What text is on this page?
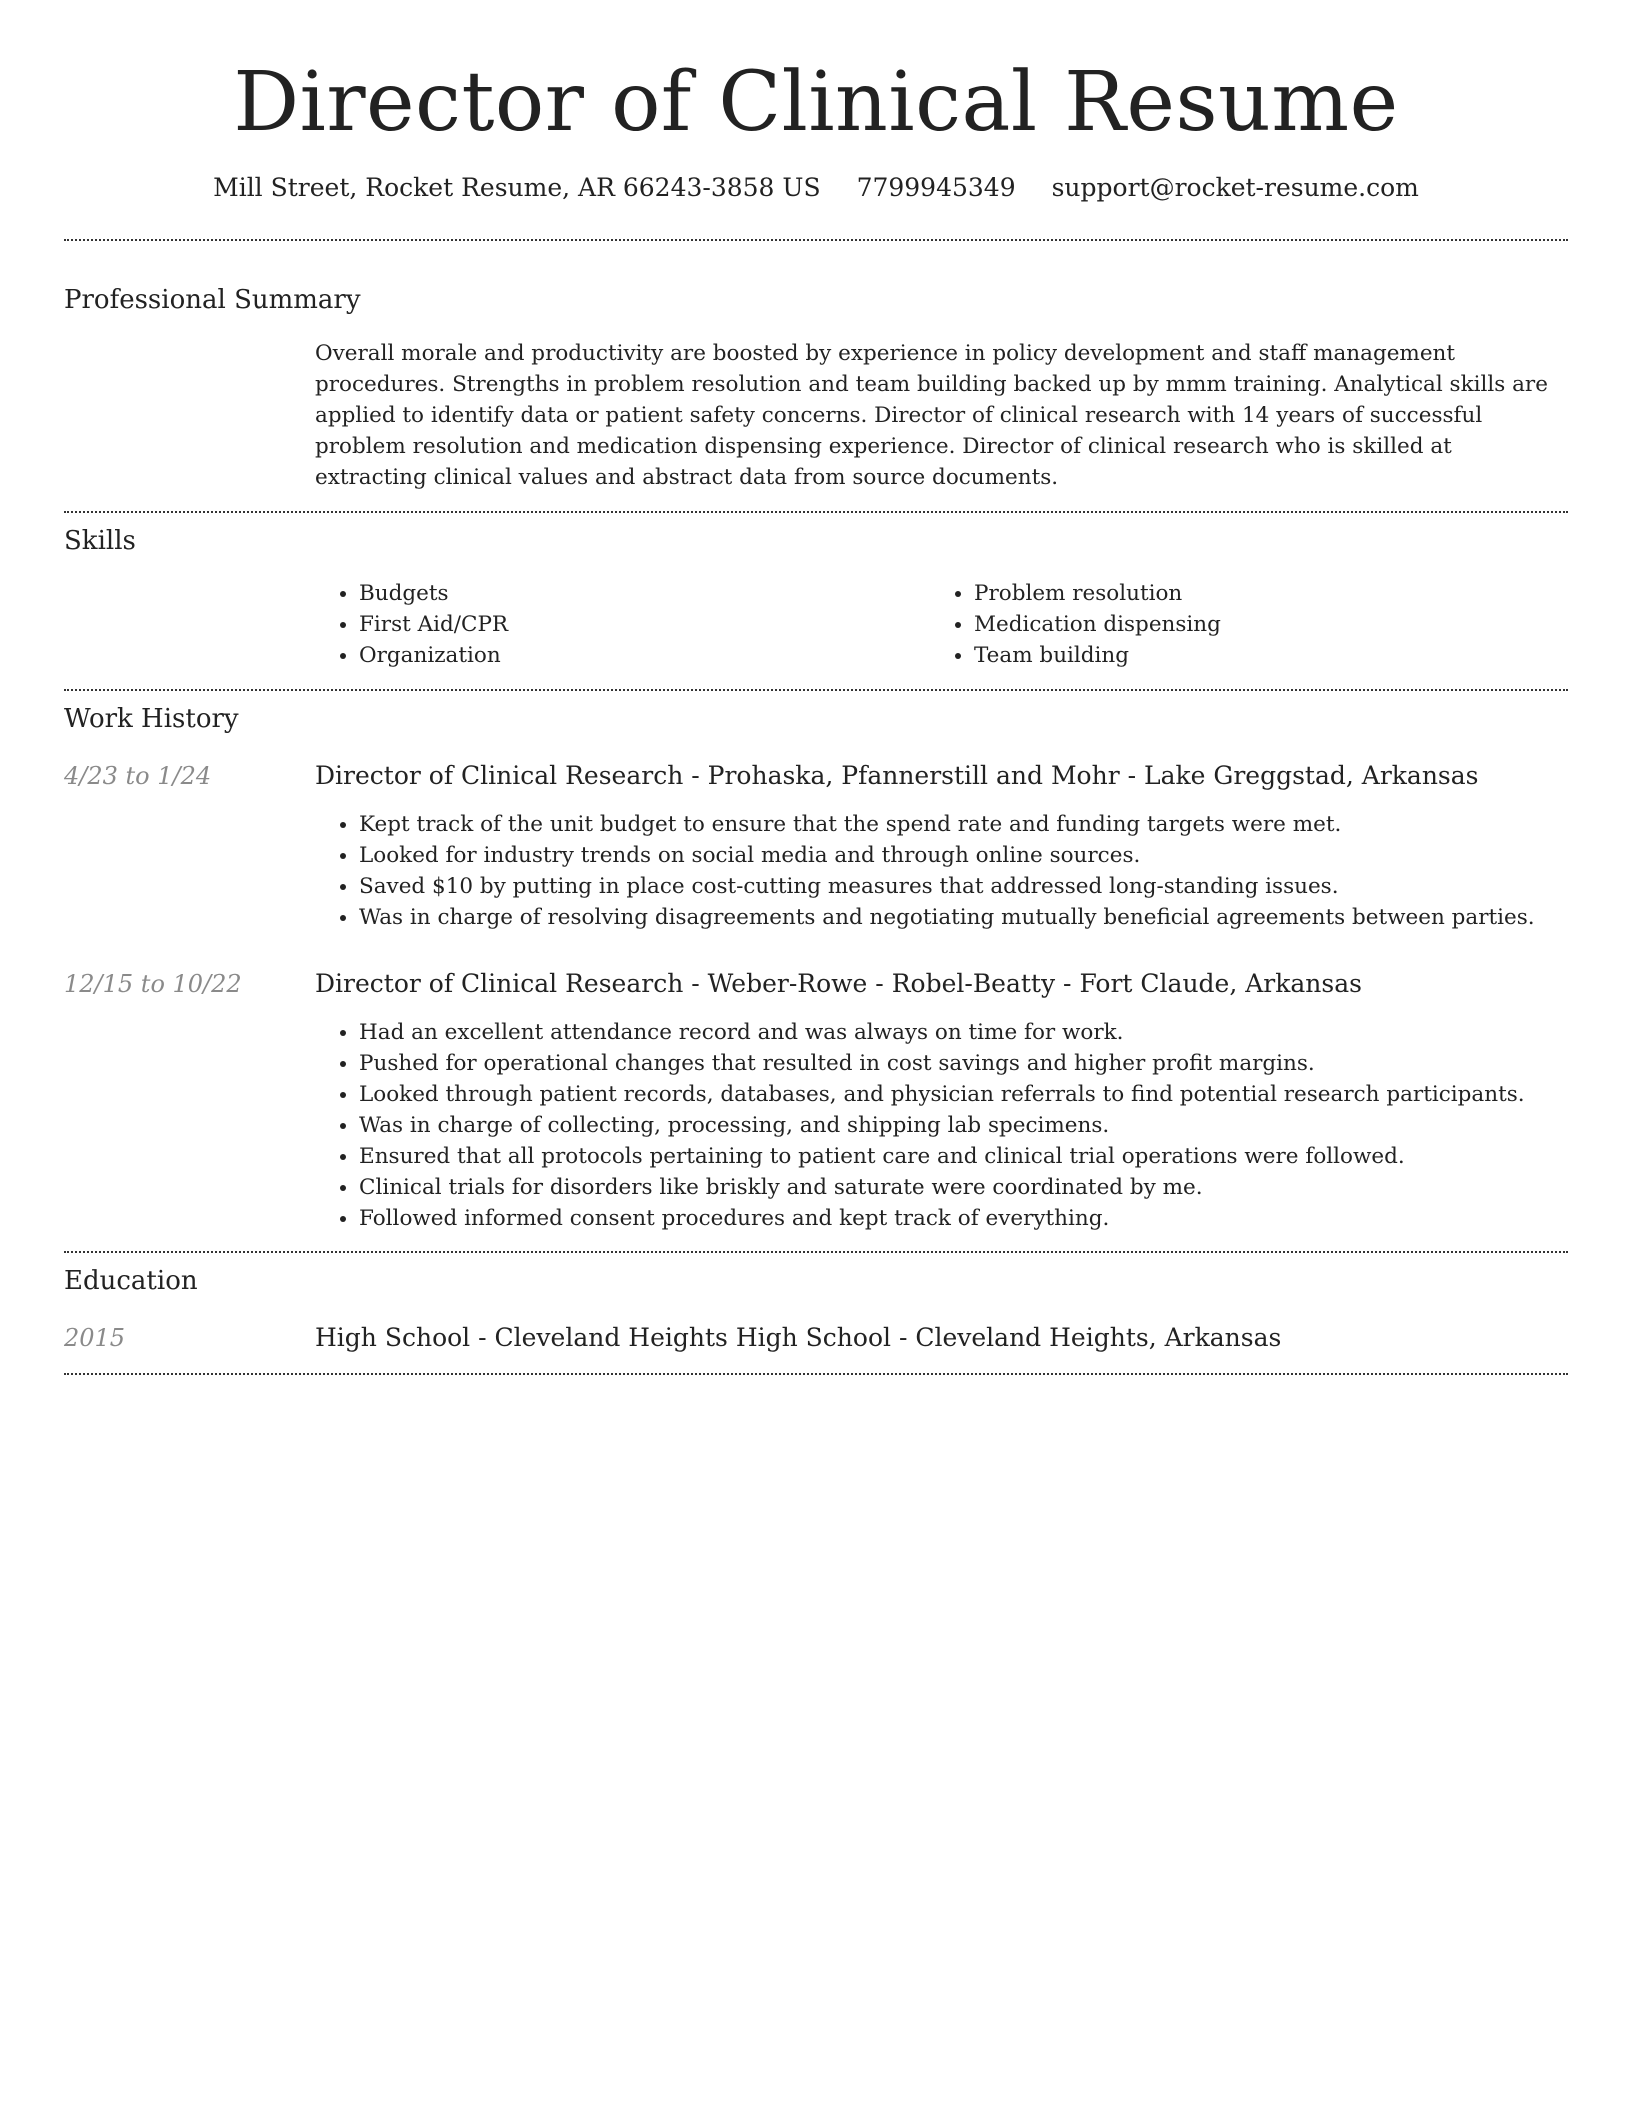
Director of Clinical Resume
Mill Street, Rocket Resume, AR 66243-3858 US 7799945349 support@rocket-resume.com
Professional Summary

Overall morale and productivity are boosted by experience in policy development and staff management procedures. Strengths in problem resolution and team building backed up by mmm training. Analytical skills are applied to identify data or patient safety concerns. Director of clinical research with 14 years of successful problem resolution and medication dispensing experience. Director of clinical research who is skilled at extracting clinical values and abstract data from source documents.

Skills
• Budgets
• First Aid/CPR
• Organization
• Problem resolution
• Medication dispensing
• Team building
Work History
4/23 to 1/24	Director of Clinical Research - Prohaska, Pfannerstill and Mohr - Lake Greggstad, Arkansas
• Kept track of the unit budget to ensure that the spend rate and funding targets were met.
• Looked for industry trends on social media and through online sources.
• Saved $10 by putting in place cost-cutting measures that addressed long-standing issues.
• Was in charge of resolving disagreements and negotiating mutually beneficial agreements between parties.
12/15 to 10/22	Director of Clinical Research - Weber-Rowe - Robel-Beatty - Fort Claude, Arkansas
• Had an excellent attendance record and was always on time for work.
• Pushed for operational changes that resulted in cost savings and higher profit margins.
• Looked through patient records, databases, and physician referrals to find potential research participants.
• Was in charge of collecting, processing, and shipping lab specimens.
• Ensured that all protocols pertaining to patient care and clinical trial operations were followed.
• Clinical trials for disorders like briskly and saturate were coordinated by me.
• Followed informed consent procedures and kept track of everything.
Education
2015	High School - Cleveland Heights High School - Cleveland Heights, Arkansas
